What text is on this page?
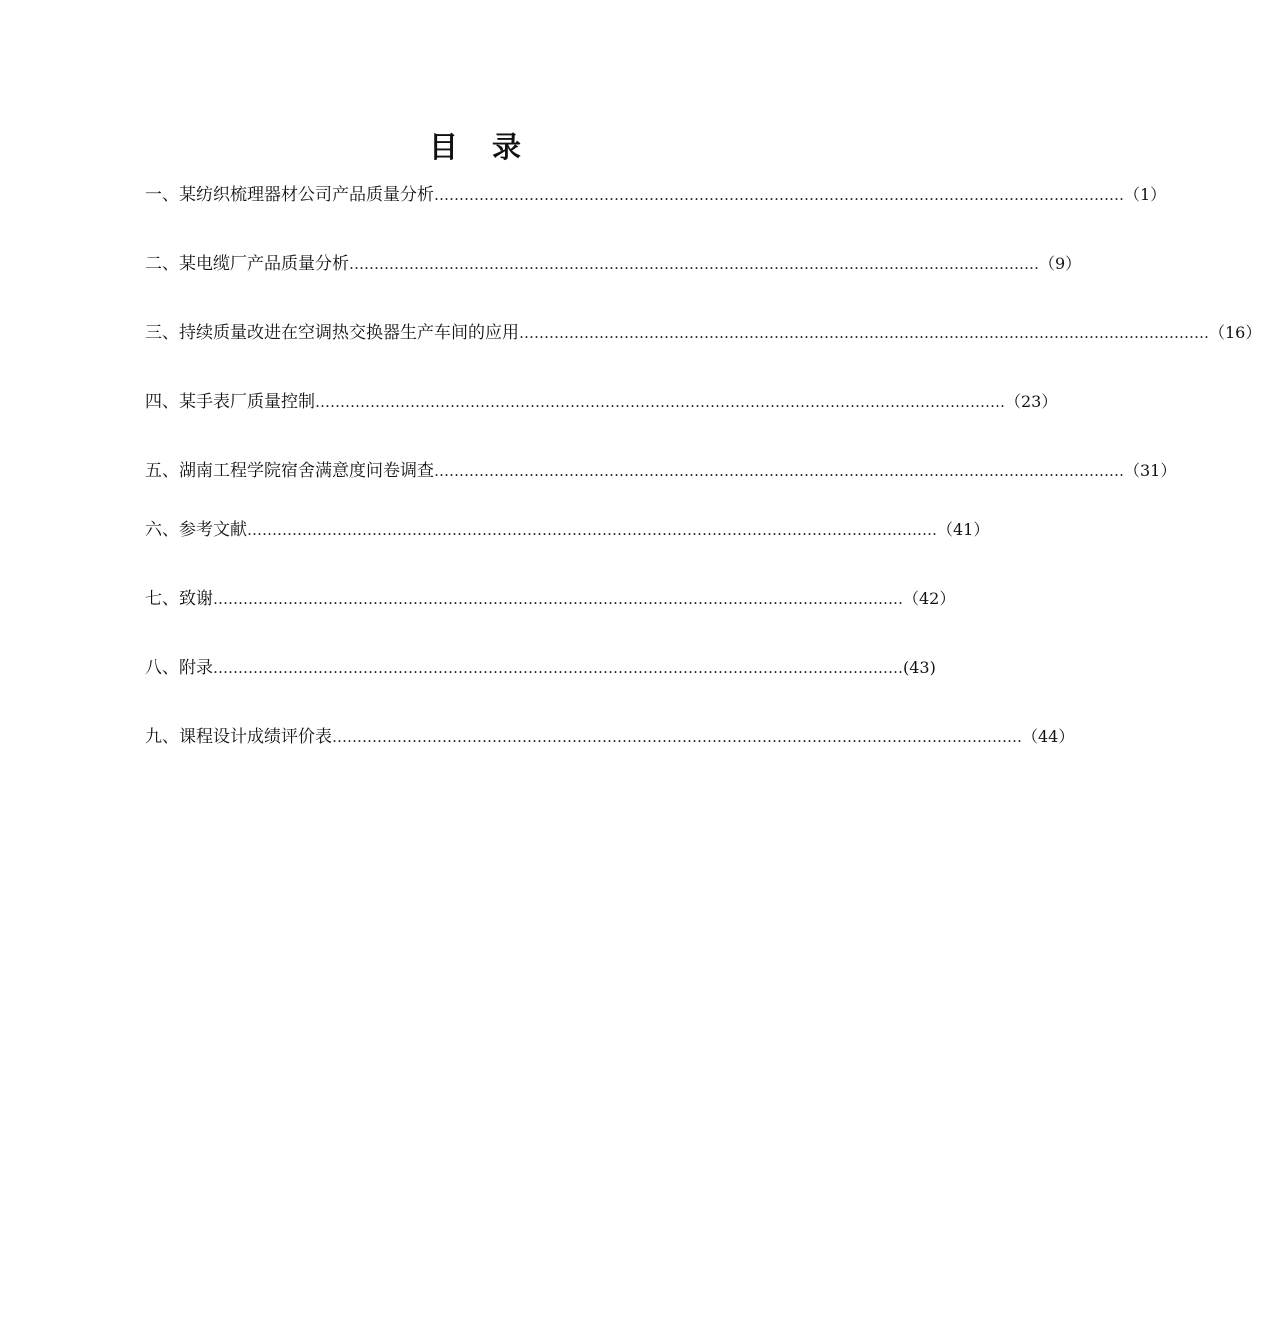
目 录
一、某纺织梳理器材公司产品质量分析 ………………………………………………………………………………………………………………………… （1）
二、某电缆厂产品质量分析 ………………………………………………………………………………………………………………………… （9）
三、持续质量改进在空调热交换器生产车间的应用 ………………………………………………………………………………………………………………………… （16）
四、某手表厂质量控制 ………………………………………………………………………………………………………………………… （23）
五、湖南工程学院宿舍满意度问卷调查 ………………………………………………………………………………………………………………………… （31）
六、参考文献 ………………………………………………………………………………………………………………………… （41）
七、致谢 ………………………………………………………………………………………………………………………… （42）
八、附录 ………………………………………………………………………………………………………………………… (43)
九、课程设计成绩评价表 ………………………………………………………………………………………………………………………… （44）
